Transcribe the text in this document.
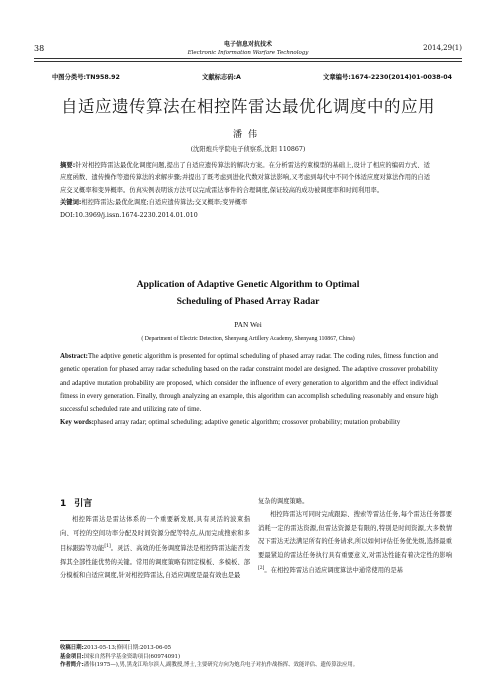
38	电子信息对抗技术
Electronic Information Warfare Technology
2014,29(1)
中图分类号:TN958.92	文献标志码:A	文章编号:1674-2230(2014)01-0038-04
自适应遗传算法在相控阵雷达最优化调度中的应用
潘伟
(沈阳炮兵学院电子侦察系,沈阳 110867)
摘要:针对相控阵雷达最优化调度问题,提出了自适应遗传算法的解决方案。在分析雷达约束模型的基础上,设计了相应的编码方式、适应度函数、遗传操作等遗传算法的求解步骤;并提出了既考虑到进化代数对算法影响,又考虑到每代中不同个体适应度对算法作用的自适应交叉概率和变异概率。仿真实例表明该方法可以完成雷达事件的合理调度,保证较高的成功被调度率和时间利用率。
关键词:相控阵雷达;最优化调度;自适应遗传算法;交叉概率;变异概率
DOI:10.3969/j.issn.1674-2230.2014.01.010
Application of Adaptive Genetic Algorithm to Optimal
Scheduling of Phased Array Radar
PAN Wei
( Department of Electric Detection, Shenyang Artillery Academy, Shenyang 110867, China)
Abstract:The adptive genetic algorithm is presented for optimal scheduling of phased array radar. The coding rules, fitness function and genetic operation for phased array radar scheduling based on the radar constraint model are designed. The adaptive crossover probability and adaptive mutation probability are proposed, which consider the influence of every generation to algorithm and the effect individual fitness in every generation. Finally, through analyzing an example, this algorithm can accomplish scheduling reasonably and ensure high successful scheduled rate and utilizing rate of time.
Key words:phased array radar; optimal scheduling; adaptive genetic algorithm; crossover probability; mutation probability
1 引言
相控阵雷达是雷达体系的一个重要新发展,具有灵活的波束指向、可控的空间功率分配及时间资源分配等特点,从而完成搜索和多目标跟踪等功能[1]。灵活、高效的任务调度算法是相控阵雷达能否发挥其全部性能优势的关键。常用的调度策略有固定模板、多模板、部分模板和自适应调度,针对相控阵雷达,自适应调度是最有效也是最
复杂的调度策略。
相控阵雷达可同时完成跟踪、搜索等雷达任务,每个雷达任务都要消耗一定的雷达资源,但雷达资源是有限的,特别是时间资源,大多数情况下雷达无法满足所有的任务请求,所以如何评估任务优先级,选择最重要最紧迫的雷达任务执行具有重要意义,对雷达性能有着决定性的影响[2]。在相控阵雷达自适应调度算法中通常使用的是基
收稿日期:2013-05-13;修回日期:2013-06-05
基金项目:国家自然科学基金资助项目(60974091)
作者简介:潘伟(1975—),男,黑龙江哈尔滨人,副教授,博士,主要研究方向为炮兵电子对抗作战指挥、效能评估、遗传算法应用。
